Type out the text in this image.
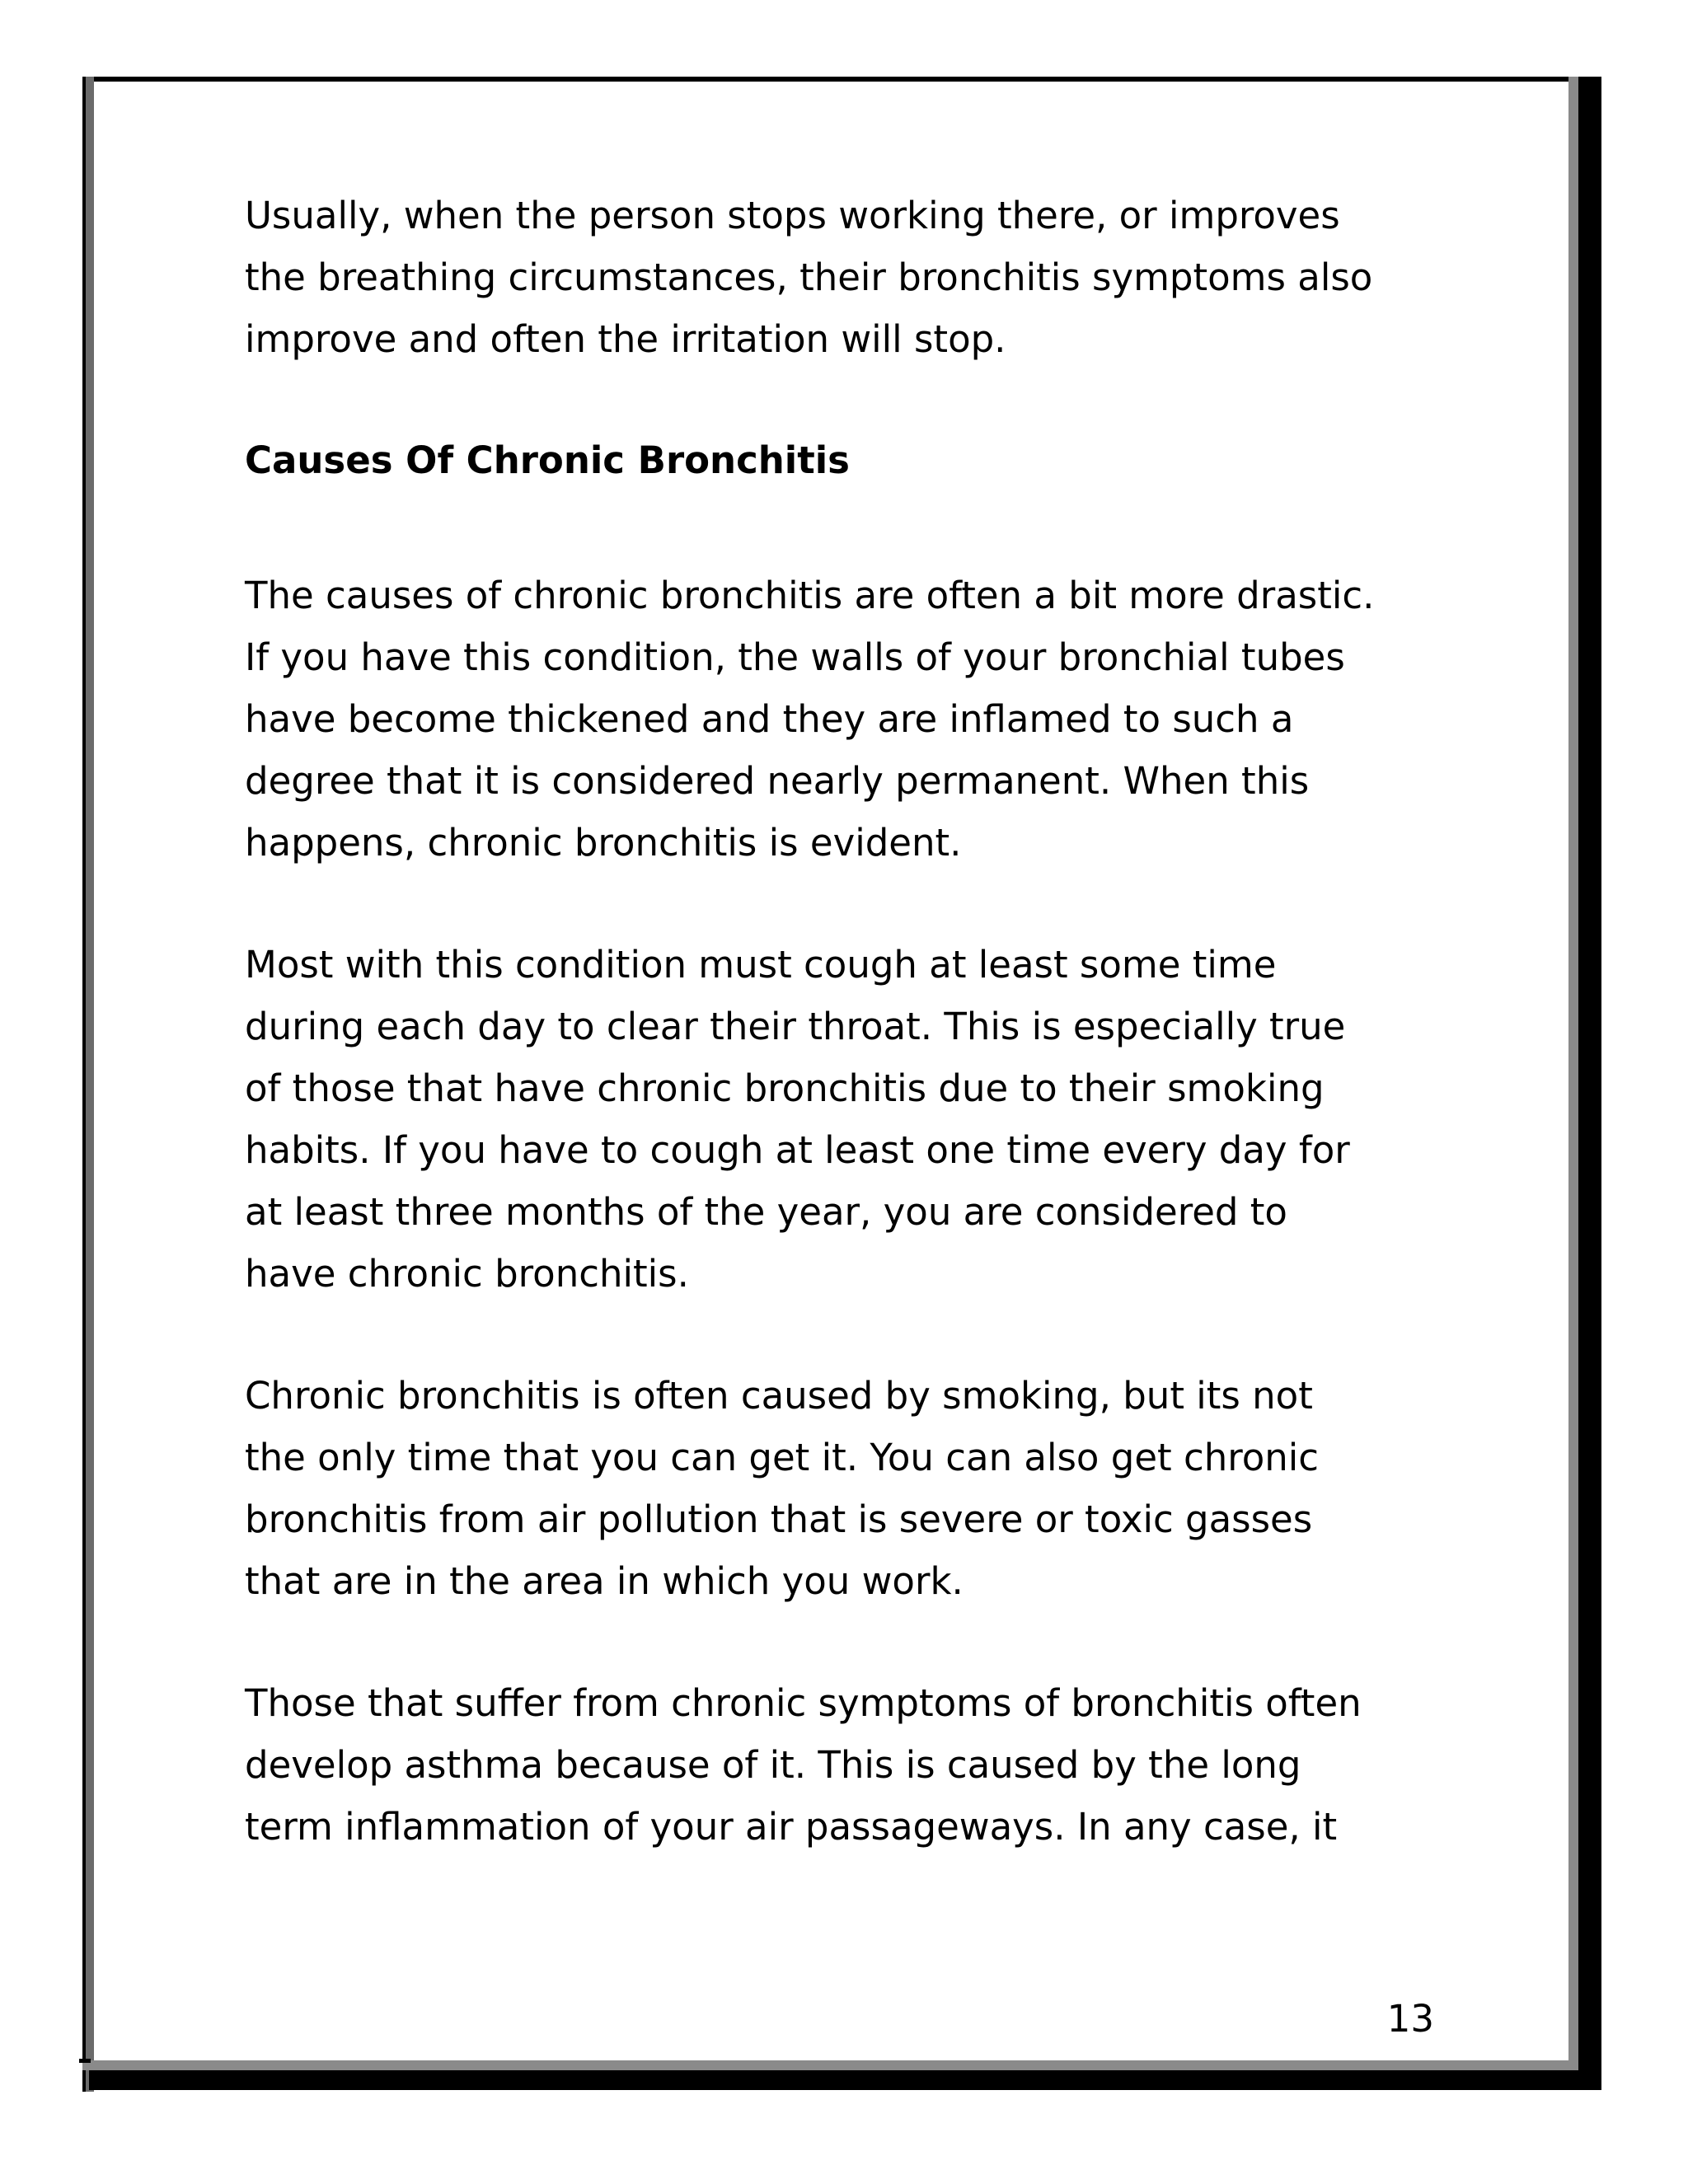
Usually, when the person stops working there, or improves
the breathing circumstances, their bronchitis symptoms also
improve and often the irritation will stop.

Causes Of Chronic Bronchitis

The causes of chronic bronchitis are often a bit more drastic.
If you have this condition, the walls of your bronchial tubes
have become thickened and they are inflamed to such a
degree that it is considered nearly permanent. When this
happens, chronic bronchitis is evident.

Most with this condition must cough at least some time
during each day to clear their throat. This is especially true
of those that have chronic bronchitis due to their smoking
habits. If you have to cough at least one time every day for
at least three months of the year, you are considered to
have chronic bronchitis.

Chronic bronchitis is often caused by smoking, but its not
the only time that you can get it. You can also get chronic
bronchitis from air pollution that is severe or toxic gasses
that are in the area in which you work.

Those that suffer from chronic symptoms of bronchitis often
develop asthma because of it. This is caused by the long
term inflammation of your air passageways. In any case, it

13
